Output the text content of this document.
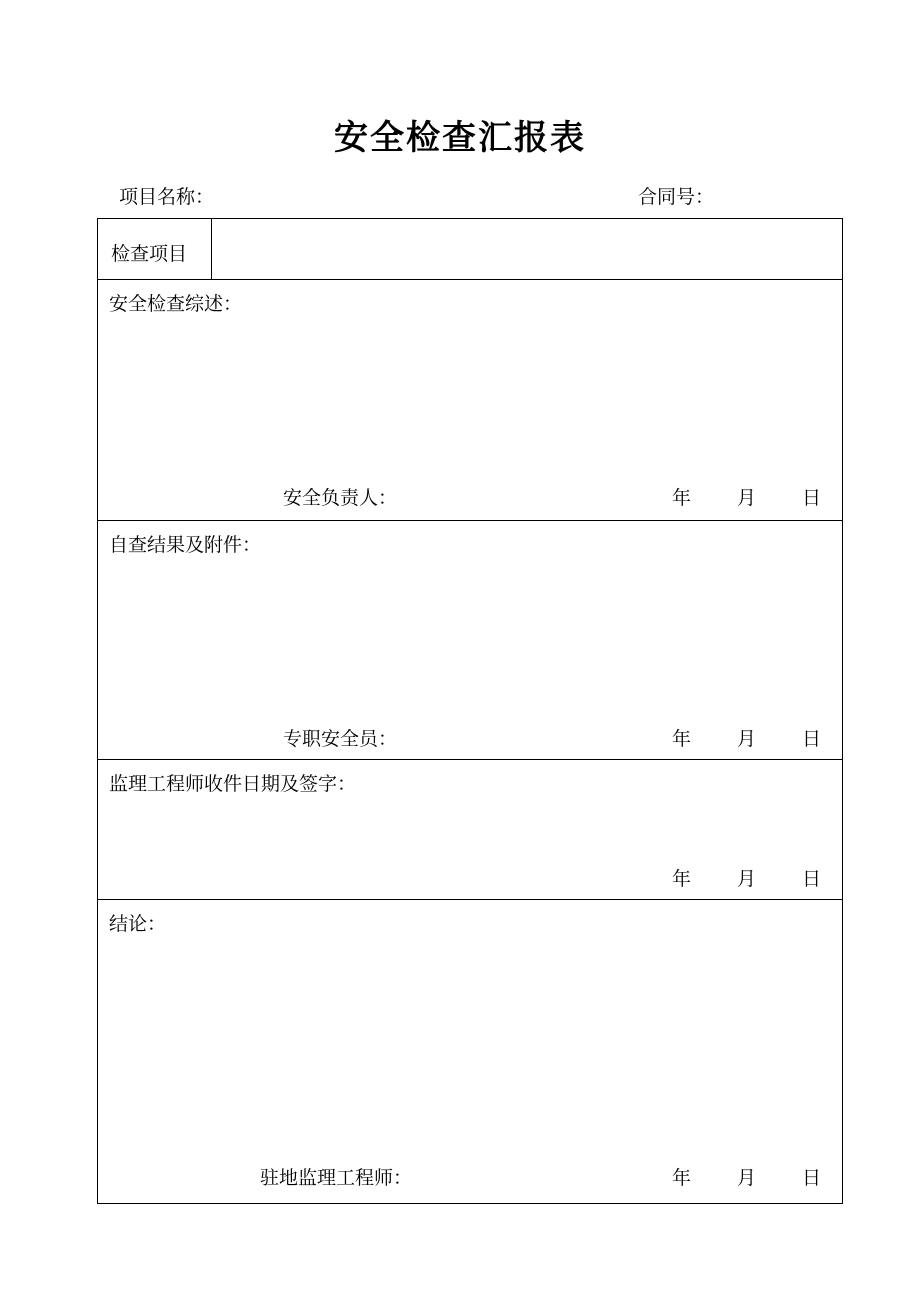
安全检查汇报表
项目名称：	合同号：
检查项目
安全检查综述：
安全负责人：	年 月 日
自查结果及附件：
专职安全员：	年 月 日
监理工程师收件日期及签字：
年 月 日
结论：
驻地监理工程师：	年 月 日
